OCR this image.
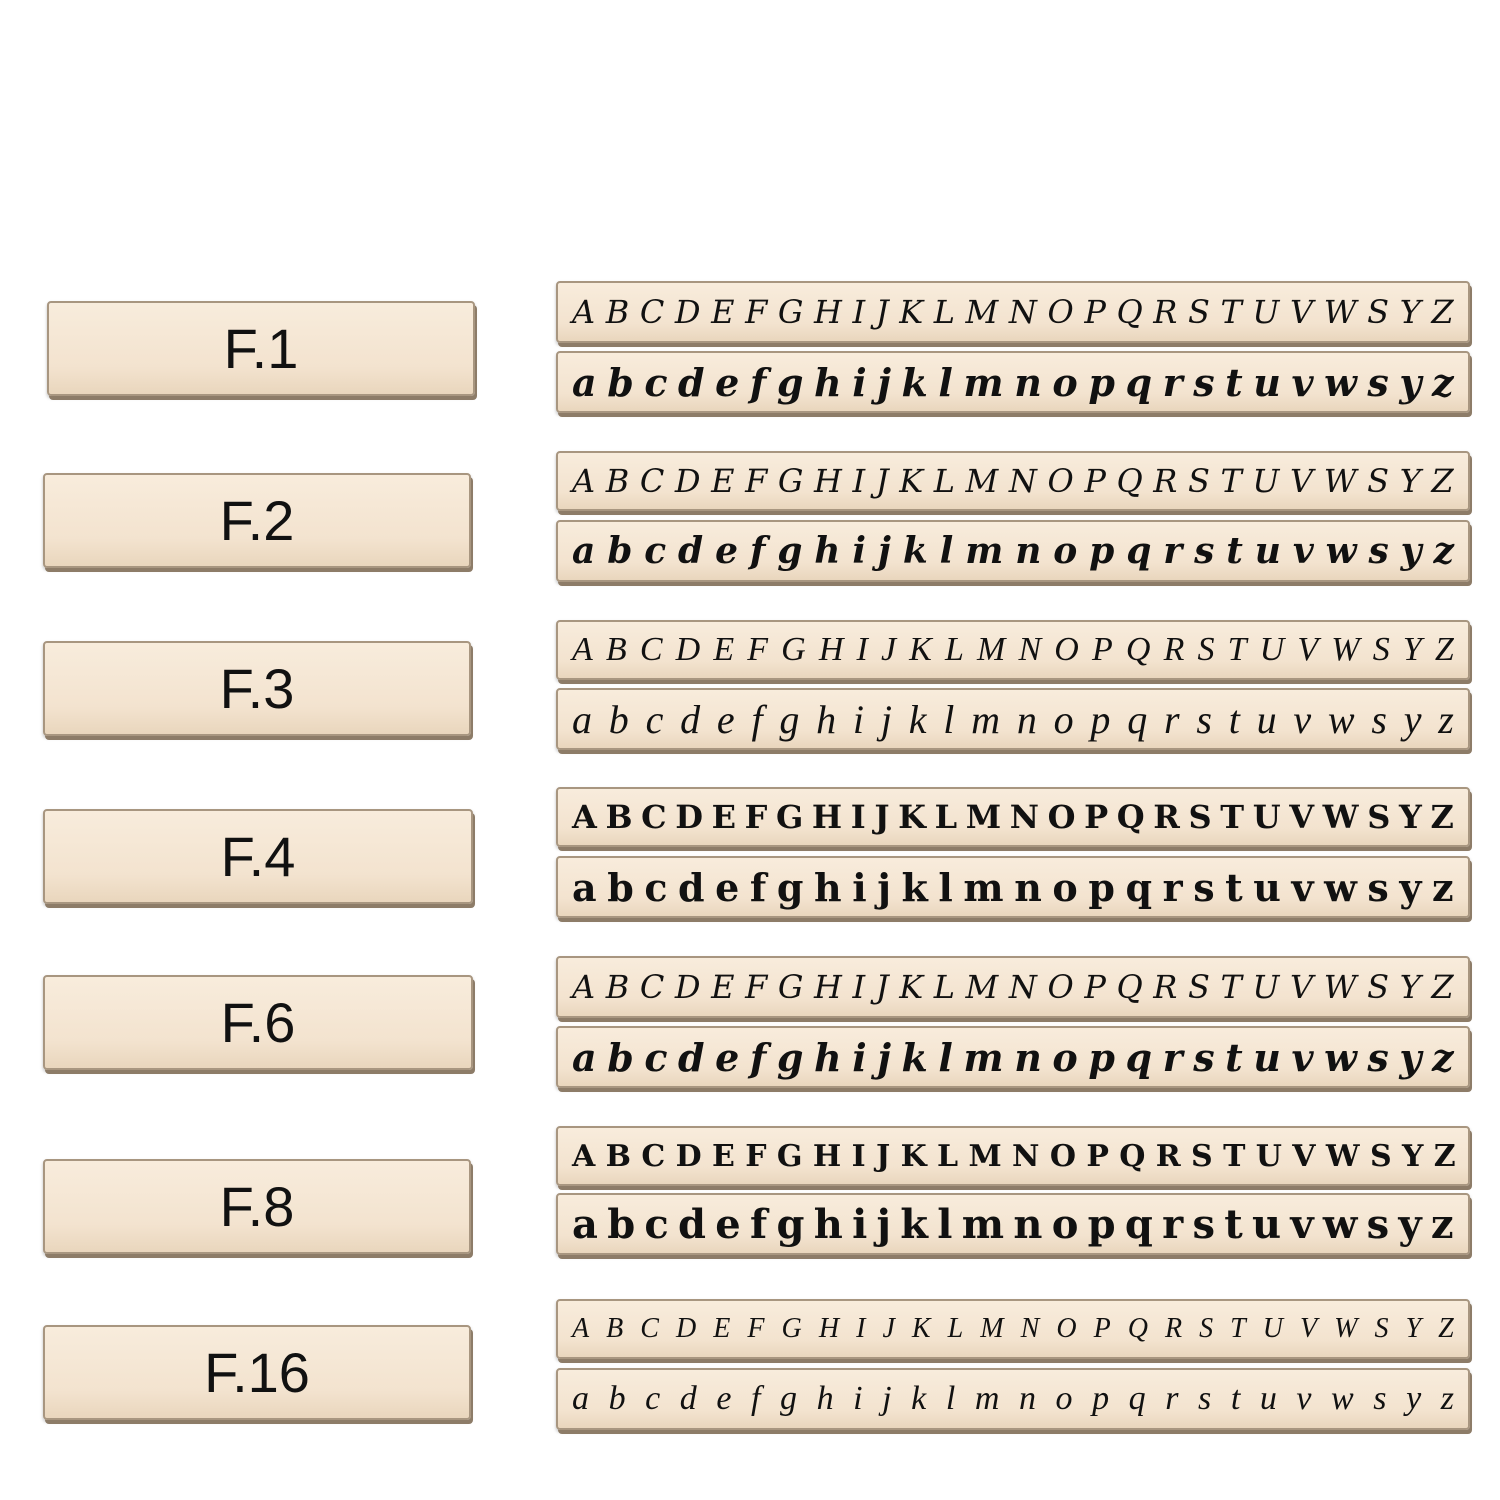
F.1
A B C D E F G H I J K L M N O P Q R S T U V W S Y Z
a b c d e f g h i j k l m n o p q r s t u v w s y z
F.2
A B C D E F G H I J K L M N O P Q R S T U V W S Y Z
a b c d e f g h i j k l m n o p q r s t u v w s y z
F.3
A B C D E F G H I J K L M N O P Q R S T U V W S Y Z
a b c d e f g h i j k l m n o p q r s t u v w s y z
F.4
A B C D E F G H I J K L M N O P Q R S T U V W S Y Z
a b c d e f g h i j k l m n o p q r s t u v w s y z
F.6
A B C D E F G H I J K L M N O P Q R S T U V W S Y Z
a b c d e f g h i j k l m n o p q r s t u v w s y z
F.8
A B C D E F G H I J K L M N O P Q R S T U V W S Y Z
a b c d e f g h i j k l m n o p q r s t u v w s y z
F.16
A B C D E F G H I J K L M N O P Q R S T U V W S Y Z
a b c d e f g h i j k l m n o p q r s t u v w s y z
